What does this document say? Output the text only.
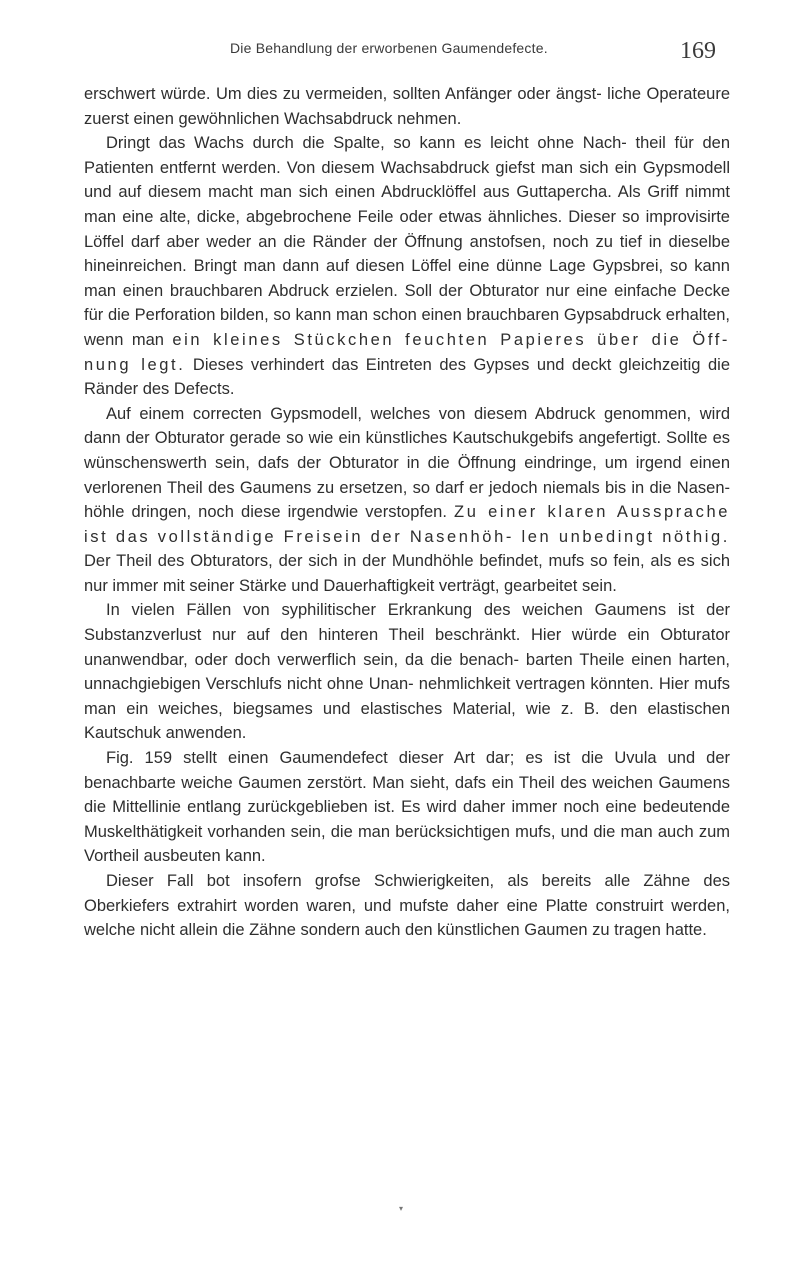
Die Behandlung der erworbenen Gaumendefecte.	169

erschwert würde. Um dies zu vermeiden, sollten Anfänger oder ängst- liche Operateure zuerst einen gewöhnlichen Wachsabdruck nehmen.

Dringt das Wachs durch die Spalte, so kann es leicht ohne Nach- theil für den Patienten entfernt werden. Von diesem Wachsabdruck giefst man sich ein Gypsmodell und auf diesem macht man sich einen Abdrucklöffel aus Guttapercha. Als Griff nimmt man eine alte, dicke, abgebrochene Feile oder etwas ähnliches. Dieser so improvisirte Löffel darf aber weder an die Ränder der Öffnung anstofsen, noch zu tief in dieselbe hineinreichen. Bringt man dann auf diesen Löffel eine dünne Lage Gypsbrei, so kann man einen brauchbaren Abdruck erzielen. Soll der Obturator nur eine einfache Decke für die Perforation bilden, so kann man schon einen brauchbaren Gypsabdruck erhalten, wenn man ein kleines Stückchen feuchten Papieres über die Öff- nung legt. Dieses verhindert das Eintreten des Gypses und deckt gleichzeitig die Ränder des Defects.

Auf einem correcten Gypsmodell, welches von diesem Abdruck genommen, wird dann der Obturator gerade so wie ein künstliches Kautschukgebifs angefertigt. Sollte es wünschenswerth sein, dafs der Obturator in die Öffnung eindringe, um irgend einen verlorenen Theil des Gaumens zu ersetzen, so darf er jedoch niemals bis in die Nasen- höhle dringen, noch diese irgendwie verstopfen. Zu einer klaren Aussprache ist das vollständige Freisein der Nasenhöh- len unbedingt nöthig. Der Theil des Obturators, der sich in der Mundhöhle befindet, mufs so fein, als es sich nur immer mit seiner Stärke und Dauerhaftigkeit verträgt, gearbeitet sein.

In vielen Fällen von syphilitischer Erkrankung des weichen Gaumens ist der Substanzverlust nur auf den hinteren Theil beschränkt. Hier würde ein Obturator unanwendbar, oder doch verwerflich sein, da die benach- barten Theile einen harten, unnachgiebigen Verschlufs nicht ohne Unan- nehmlichkeit vertragen könnten. Hier mufs man ein weiches, biegsames und elastisches Material, wie z. B. den elastischen Kautschuk anwenden.

Fig. 159 stellt einen Gaumendefect dieser Art dar; es ist die Uvula und der benachbarte weiche Gaumen zerstört. Man sieht, dafs ein Theil des weichen Gaumens die Mittellinie entlang zurückgeblieben ist. Es wird daher immer noch eine bedeutende Muskelthätigkeit vorhanden sein, die man berücksichtigen mufs, und die man auch zum Vortheil ausbeuten kann.

Dieser Fall bot insofern grofse Schwierigkeiten, als bereits alle Zähne des Oberkiefers extrahirt worden waren, und mufste daher eine Platte construirt werden, welche nicht allein die Zähne sondern auch den künstlichen Gaumen zu tragen hatte.

▾
